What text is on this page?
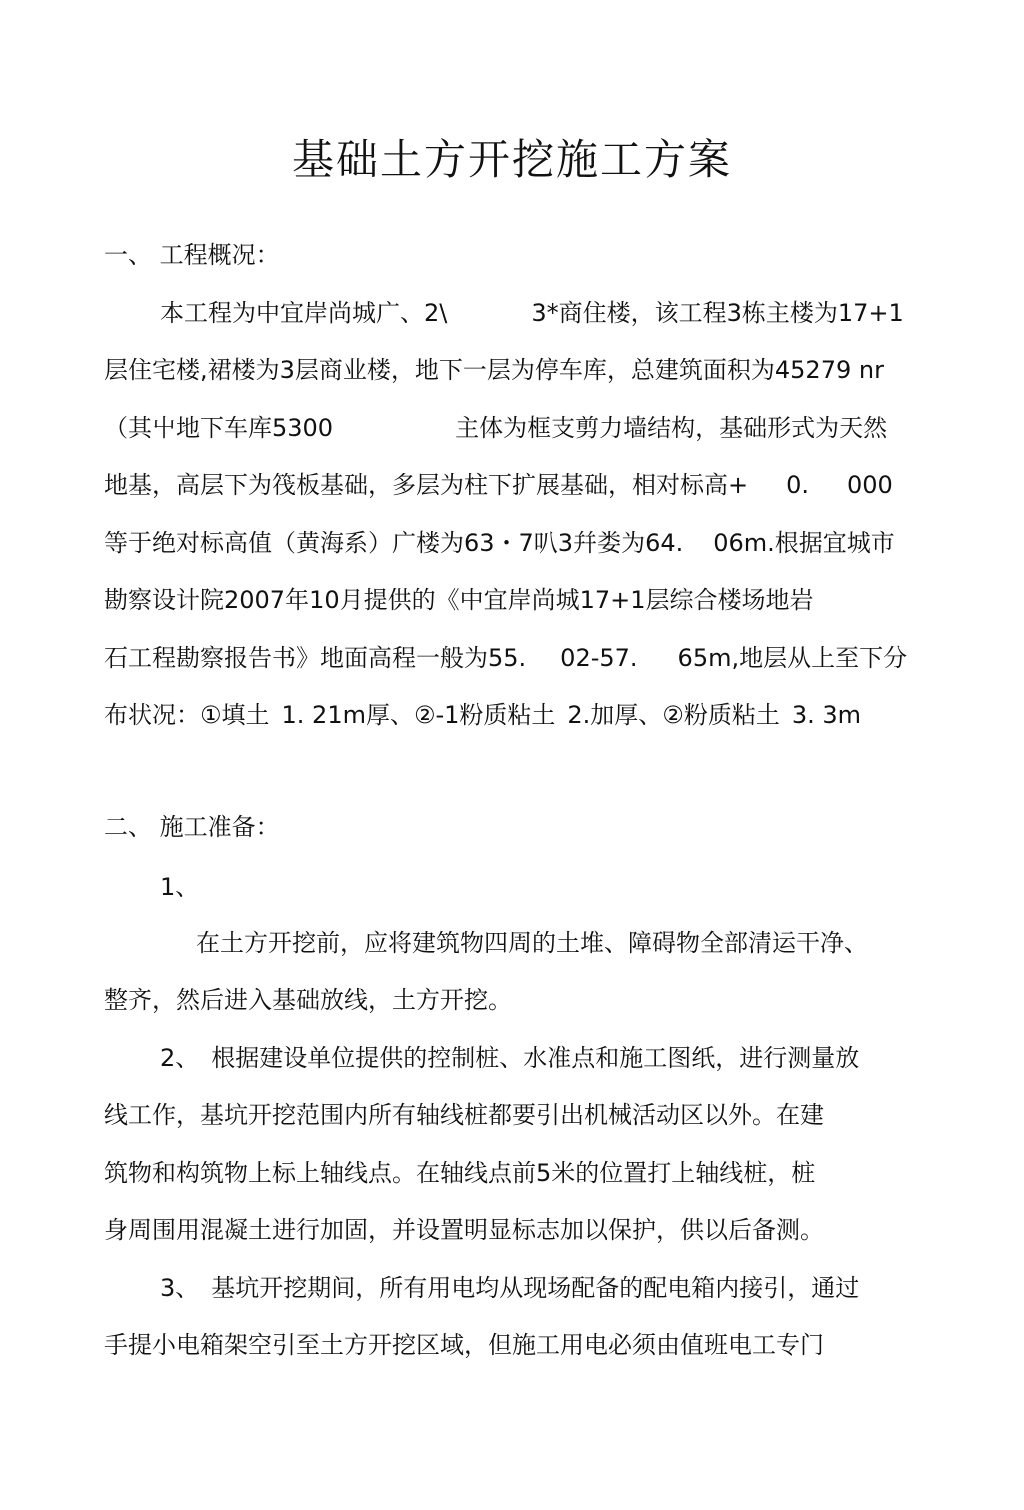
基础土方开挖施工方案
一、 工程概况：
本工程为中宜岸尚城广、2\	3*商住楼，该工程3栋主楼为17+1
层住宅楼,裙楼为3层商业楼，地下一层为停车库，总建筑面积为45279 nr
（其屮地下车库5300	主体为框支剪力墙结构，基础形式为天然
地基，高层下为筏板基础，多层为柱下扩展基础，相对标高+ 0. 000
等于绝对标高值（黄海系）广楼为63・7叭3幷娄为64. 06m.根据宜城市
勘察设计院2007年10月提供的《中宜岸尚城17+1层综合楼场地岩
石工程勘察报告书》地面高程一般为55. 02-57. 65m,地层从上至下分
布状况：①填土 1. 21m厚、②-1粉质粘土 2.加厚、②粉质粘土 3. 3m
二、 施工准备：
1、
在土方开挖前，应将建筑物四周的土堆、障碍物全部清运干净、
整齐，然后进入基础放线，土方开挖。
2、 根据建设单位提供的控制桩、水准点和施工图纸，进行测量放
线工作，基坑开挖范围内所有轴线桩都要引出机械活动区以外。在建
筑物和构筑物上标上轴线点。在轴线点前5米的位置打上轴线桩，桩
身周围用混凝土进行加固，并设置明显标志加以保护，供以后备测。
3、 基坑开挖期间，所有用电均从现场配备的配电箱内接引，通过
手提小电箱架空引至土方开挖区域，但施工用电必须由值班电工专门
